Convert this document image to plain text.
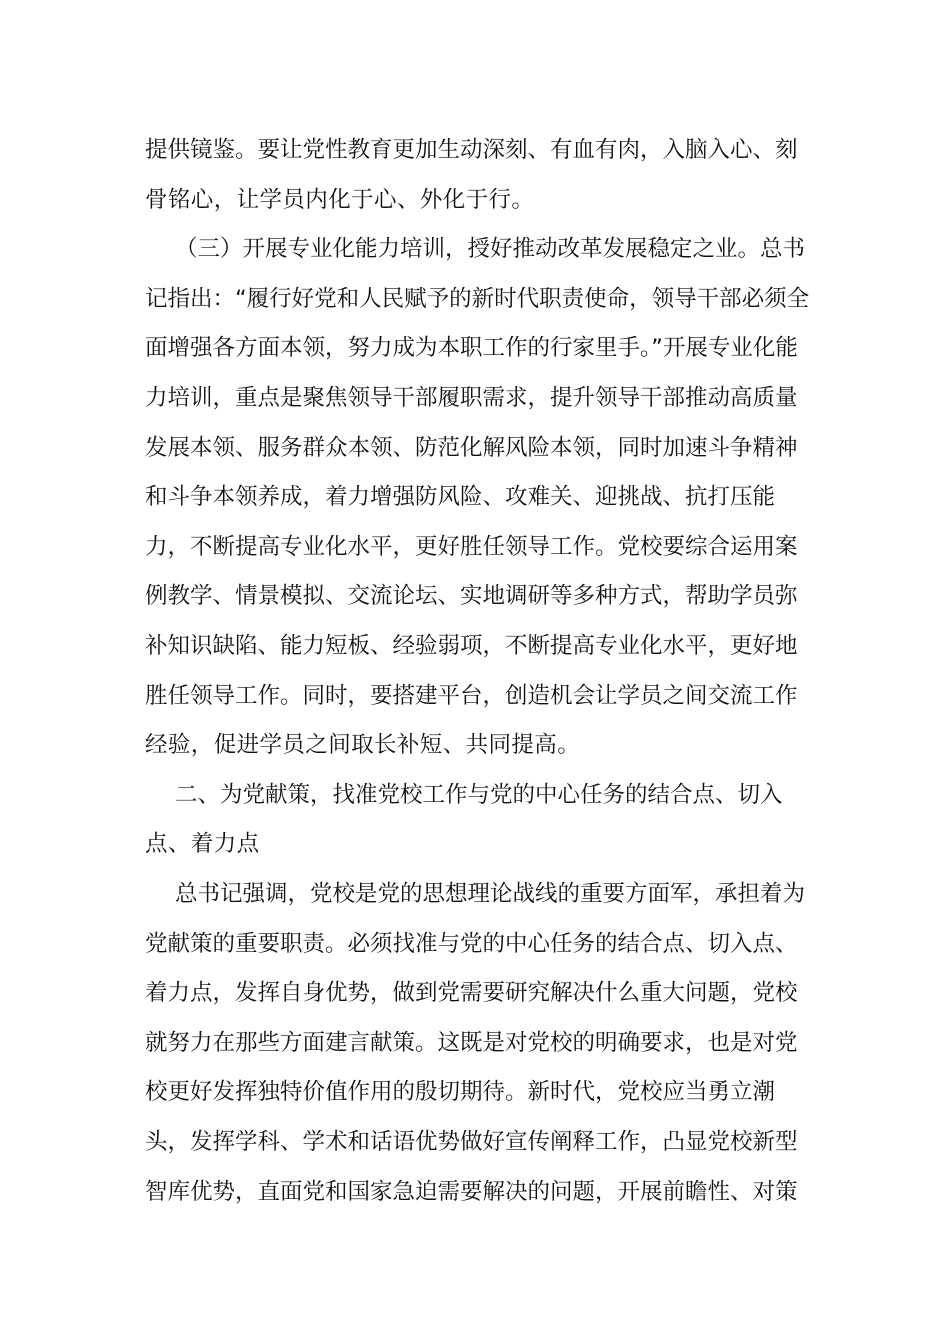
提供镜鉴。要让党性教育更加生动深刻、有血有肉，入脑入心、刻
骨铭心，让学员内化于心、外化于行。
（三）开展专业化能力培训，授好推动改革发展稳定之业。总书
记指出：“履行好党和人民赋予的新时代职责使命，领导干部必须全
面增强各方面本领，努力成为本职工作的行家里手。”开展专业化能
力培训，重点是聚焦领导干部履职需求，提升领导干部推动高质量
发展本领、服务群众本领、防范化解风险本领，同时加速斗争精神
和斗争本领养成，着力增强防风险、攻难关、迎挑战、抗打压能
力，不断提高专业化水平，更好胜任领导工作。党校要综合运用案
例教学、情景模拟、交流论坛、实地调研等多种方式，帮助学员弥
补知识缺陷、能力短板、经验弱项，不断提高专业化水平，更好地
胜任领导工作。同时，要搭建平台，创造机会让学员之间交流工作
经验，促进学员之间取长补短、共同提高。
二、为党献策，找准党校工作与党的中心任务的结合点、切入
点、着力点
总书记强调，党校是党的思想理论战线的重要方面军，承担着为
党献策的重要职责。必须找准与党的中心任务的结合点、切入点、
着力点，发挥自身优势，做到党需要研究解决什么重大问题，党校
就努力在那些方面建言献策。这既是对党校的明确要求，也是对党
校更好发挥独特价值作用的殷切期待。新时代，党校应当勇立潮
头，发挥学科、学术和话语优势做好宣传阐释工作，凸显党校新型
智库优势，直面党和国家急迫需要解决的问题，开展前瞻性、对策
